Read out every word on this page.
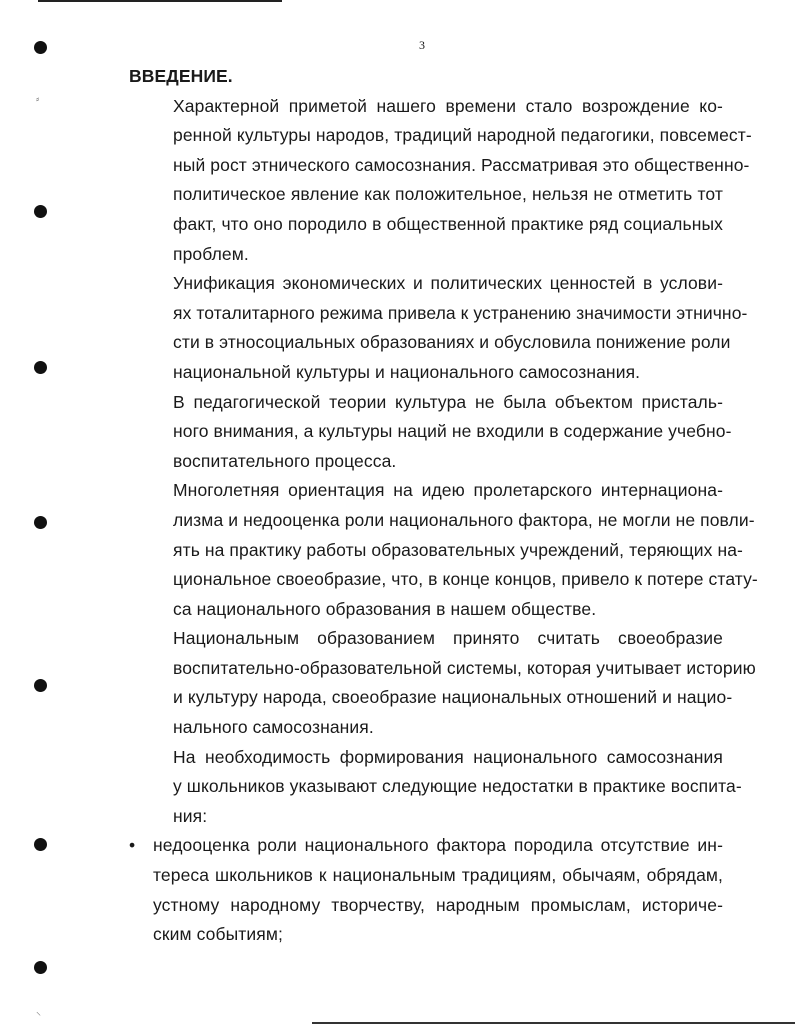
⸗
⸌
3

ВВЕДЕНИЕ.

Характерной приметой нашего времени стало возрождение ко-
ренной культуры народов, традиций народной педагогики, повсемест-
ный рост этнического самосознания. Рассматривая это общественно-
политическое явление как положительное, нельзя не отметить тот
факт, что оно породило в общественной практике ряд социальных
проблем.
Унификация экономических и политических ценностей в услови-
ях тоталитарного режима привела к устранению значимости этнично-
сти в этносоциальных образованиях и обусловила понижение роли
национальной культуры и национального самосознания.
В педагогической теории культура не была объектом присталь-
ного внимания, а культуры наций не входили в содержание учебно-
воспитательного процесса.
Многолетняя ориентация на идею пролетарского интернациона-
лизма и недооценка роли национального фактора, не могли не повли-
ять на практику работы образовательных учреждений, теряющих на-
циональное своеобразие, что, в конце концов, привело к потере стату-
са национального образования в нашем обществе.
Национальным образованием принято считать своеобразие
воспитательно-образовательной системы, которая учитывает историю
и культуру народа, своеобразие национальных отношений и нацио-
нального самосознания.
На необходимость формирования национального самосознания
у школьников указывают следующие недостатки в практике воспита-
ния:
• недооценка роли национального фактора породила отсутствие ин-
тереса школьников к национальным традициям, обычаям, обрядам,
устному народному творчеству, народным промыслам, историче-
ским событиям;
